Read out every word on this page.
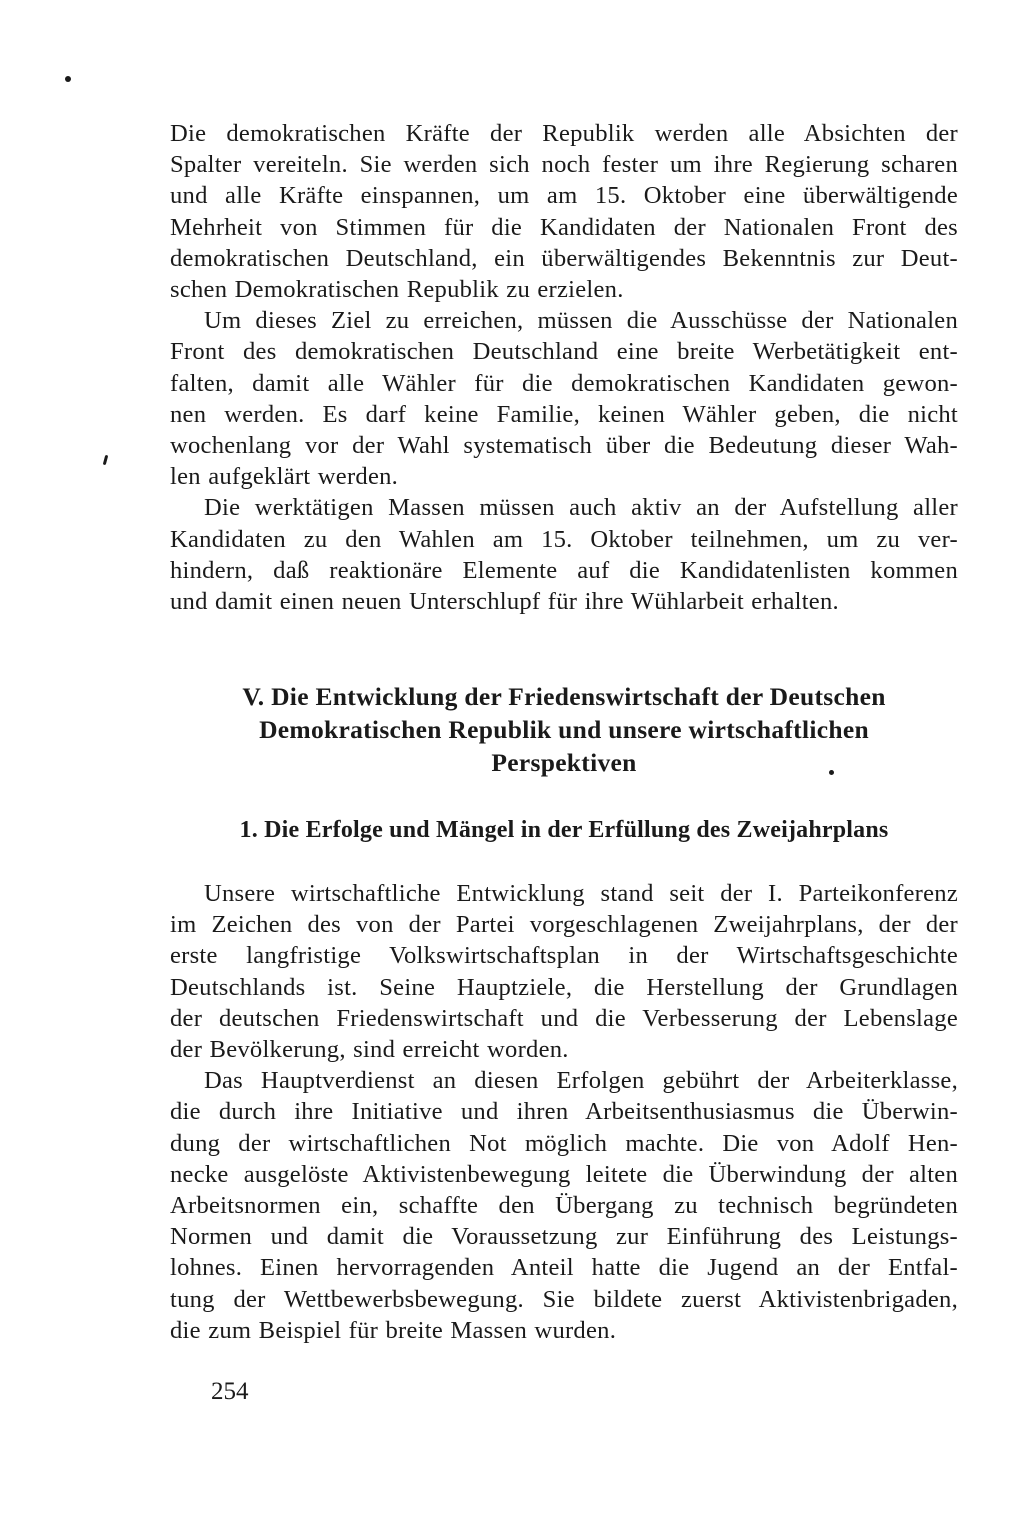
Die demokratischen Kräfte der Republik werden alle Absichten der
Spalter vereiteln. Sie werden sich noch fester um ihre Regierung scharen
und alle Kräfte einspannen, um am 15. Oktober eine überwältigende
Mehrheit von Stimmen für die Kandidaten der Nationalen Front des
demokratischen Deutschland, ein überwältigendes Bekenntnis zur Deut-
schen Demokratischen Republik zu erzielen.
Um dieses Ziel zu erreichen, müssen die Ausschüsse der Nationalen
Front des demokratischen Deutschland eine breite Werbetätigkeit ent-
falten, damit alle Wähler für die demokratischen Kandidaten gewon-
nen werden. Es darf keine Familie, keinen Wähler geben, die nicht
wochenlang vor der Wahl systematisch über die Bedeutung dieser Wah-
len aufgeklärt werden.
Die werktätigen Massen müssen auch aktiv an der Aufstellung aller
Kandidaten zu den Wahlen am 15. Oktober teilnehmen, um zu ver-
hindern, daß reaktionäre Elemente auf die Kandidatenlisten kommen
und damit einen neuen Unterschlupf für ihre Wühlarbeit erhalten.
V. Die Entwicklung der Friedenswirtschaft der Deutschen
Demokratischen Republik und unsere wirtschaftlichen
Perspektiven
1. Die Erfolge und Mängel in der Erfüllung des Zweijahrplans
Unsere wirtschaftliche Entwicklung stand seit der I. Parteikonferenz
im Zeichen des von der Partei vorgeschlagenen Zweijahrplans, der der
erste langfristige Volkswirtschaftsplan in der Wirtschaftsgeschichte
Deutschlands ist. Seine Hauptziele, die Herstellung der Grundlagen
der deutschen Friedenswirtschaft und die Verbesserung der Lebenslage
der Bevölkerung, sind erreicht worden.
Das Hauptverdienst an diesen Erfolgen gebührt der Arbeiterklasse,
die durch ihre Initiative und ihren Arbeitsenthusiasmus die Überwin-
dung der wirtschaftlichen Not möglich machte. Die von Adolf Hen-
necke ausgelöste Aktivistenbewegung leitete die Überwindung der alten
Arbeitsnormen ein, schaffte den Übergang zu technisch begründeten
Normen und damit die Voraussetzung zur Einführung des Leistungs-
lohnes. Einen hervorragenden Anteil hatte die Jugend an der Entfal-
tung der Wettbewerbsbewegung. Sie bildete zuerst Aktivistenbrigaden,
die zum Beispiel für breite Massen wurden.
254
